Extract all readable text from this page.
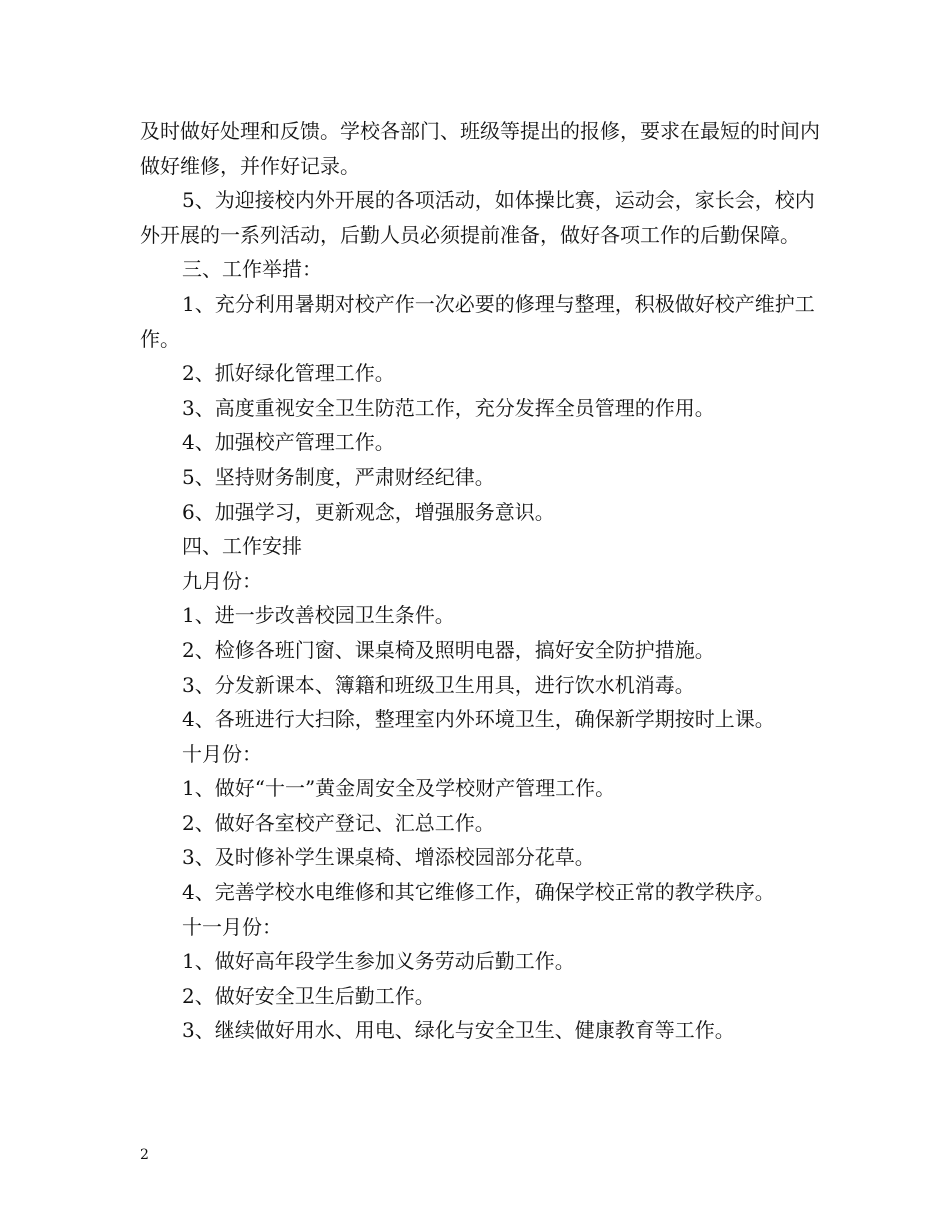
及时做好处理和反馈。学校各部门、班级等提出的报修，要求在最短的时间内做好维修，并作好记录。

5、为迎接校内外开展的各项活动，如体操比赛，运动会，家长会，校内外开展的一系列活动，后勤人员必须提前准备，做好各项工作的后勤保障。

三、工作举措：

1、充分利用暑期对校产作一次必要的修理与整理，积极做好校产维护工作。

2、抓好绿化管理工作。

3、高度重视安全卫生防范工作，充分发挥全员管理的作用。

4、加强校产管理工作。

5、坚持财务制度，严肃财经纪律。

6、加强学习，更新观念，增强服务意识。

四、工作安排

九月份：

1、进一步改善校园卫生条件。

2、检修各班门窗、课桌椅及照明电器，搞好安全防护措施。

3、分发新课本、簿籍和班级卫生用具，进行饮水机消毒。

4、各班进行大扫除，整理室内外环境卫生，确保新学期按时上课。

十月份：

1、做好“十一”黄金周安全及学校财产管理工作。

2、做好各室校产登记、汇总工作。

3、及时修补学生课桌椅、增添校园部分花草。

4、完善学校水电维修和其它维修工作，确保学校正常的教学秩序。

十一月份：

1、做好高年段学生参加义务劳动后勤工作。

2、做好安全卫生后勤工作。

3、继续做好用水、用电、绿化与安全卫生、健康教育等工作。

2
